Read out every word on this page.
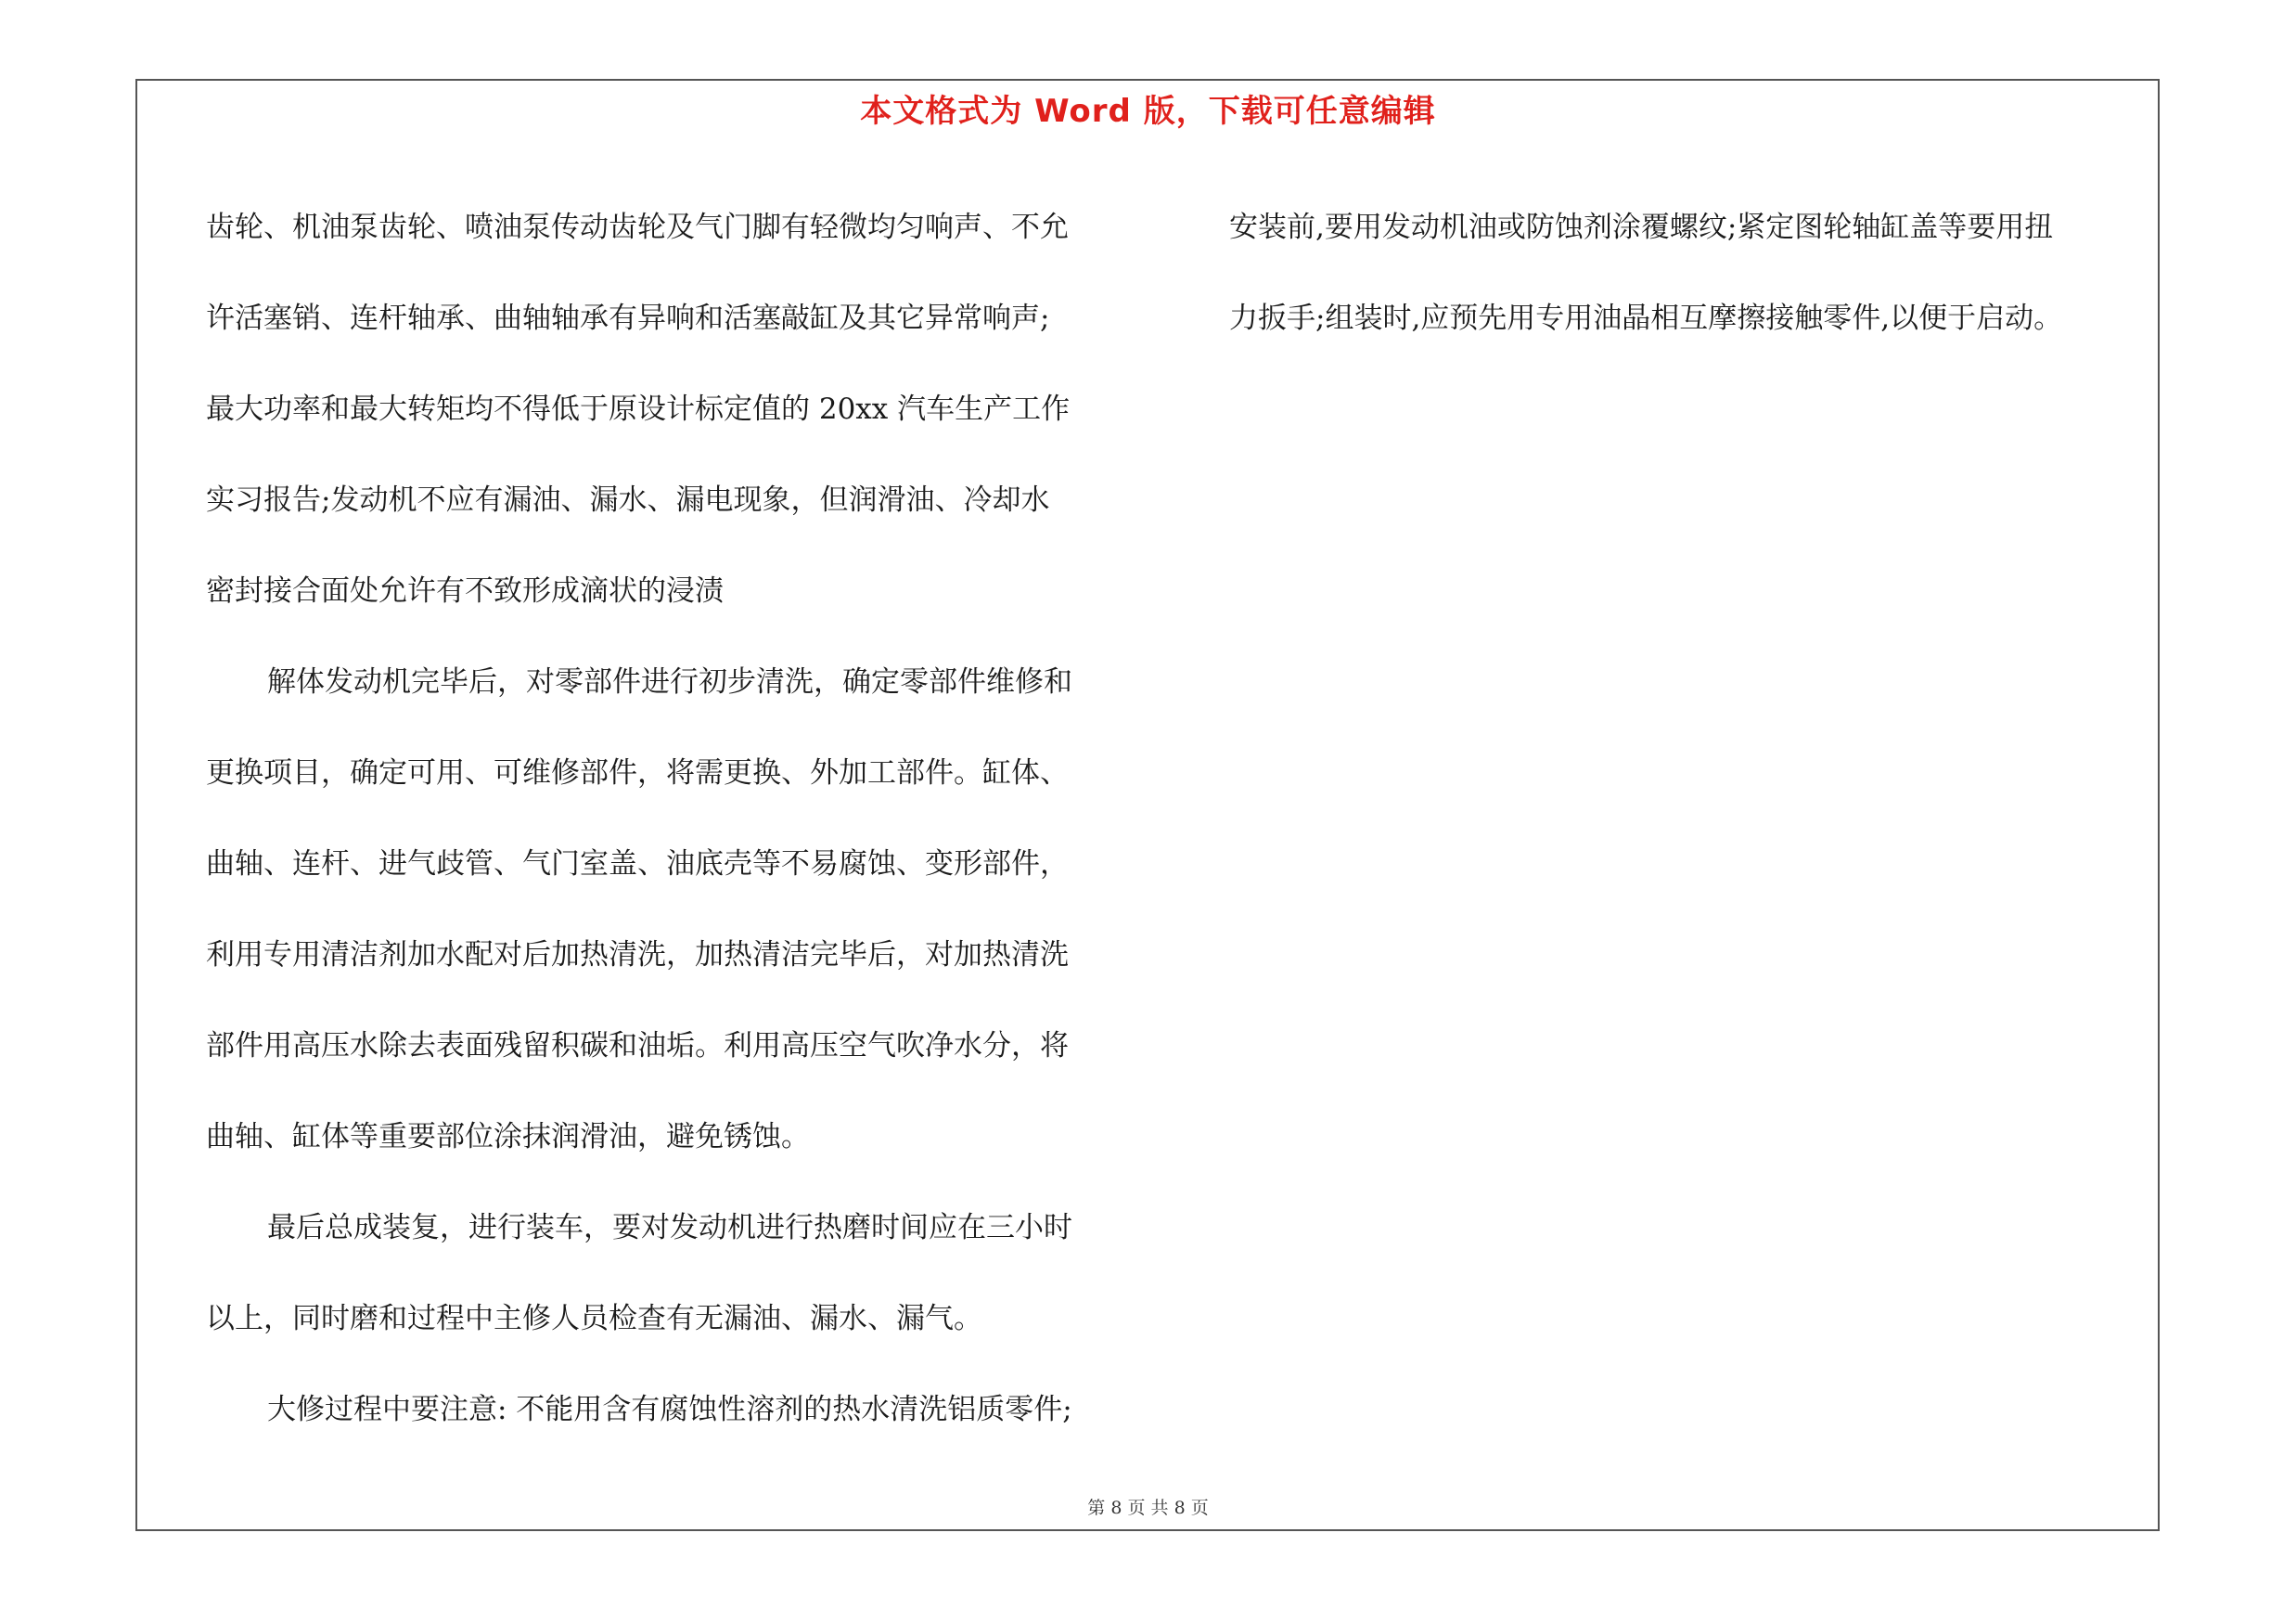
本文格式为 Word 版，下载可任意编辑
齿轮、机油泵齿轮、喷油泵传动齿轮及气门脚有轻微均匀响声、不允
许活塞销、连杆轴承、曲轴轴承有异响和活塞敲缸及其它异常响声;
最大功率和最大转矩均不得低于原设计标定值的 20xx 汽车生产工作
实习报告;发动机不应有漏油、漏水、漏电现象，但润滑油、冷却水
密封接合面处允许有不致形成滴状的浸渍
解体发动机完毕后，对零部件进行初步清洗，确定零部件维修和
更换项目，确定可用、可维修部件，将需更换、外加工部件。缸体、
曲轴、连杆、进气歧管、气门室盖、油底壳等不易腐蚀、变形部件，
利用专用清洁剂加水配对后加热清洗，加热清洁完毕后，对加热清洗
部件用高压水除去表面残留积碳和油垢。利用高压空气吹净水分，将
曲轴、缸体等重要部位涂抹润滑油，避免锈蚀。
最后总成装复，进行装车，要对发动机进行热磨时间应在三小时
以上，同时磨和过程中主修人员检查有无漏油、漏水、漏气。
大修过程中要注意: 不能用含有腐蚀性溶剂的热水清洗铝质零件;
安装前,要用发动机油或防蚀剂涂覆螺纹;紧定图轮轴缸盖等要用扭
力扳手;组装时,应预先用专用油晶相互摩擦接触零件,以便于启动。
第 8 页 共 8 页
